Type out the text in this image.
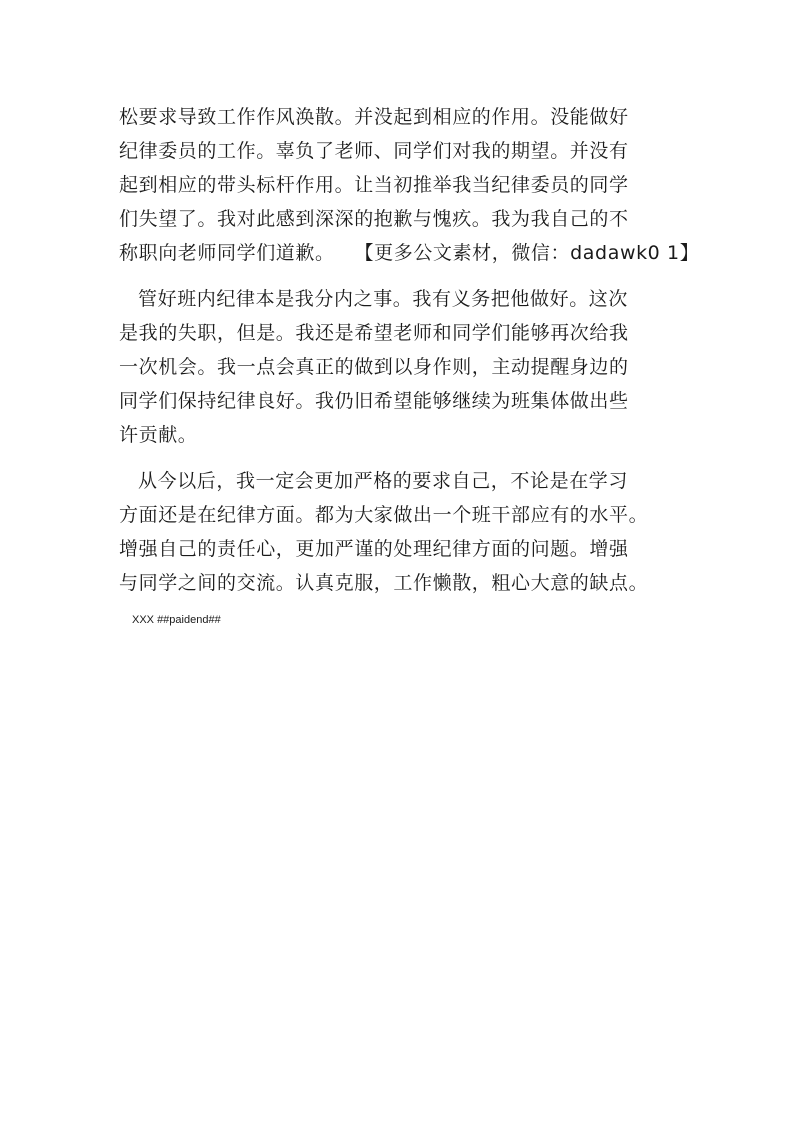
松要求导致工作作风涣散。并没起到相应的作用。没能做好
纪律委员的工作。辜负了老师、同学们对我的期望。并没有
起到相应的带头标杆作用。让当初推举我当纪律委员的同学
们失望了。我对此感到深深的抱歉与愧疚。我为我自己的不
称职向老师同学们道歉。 【更多公文素材，微信：dadawk0 1】
管好班内纪律本是我分内之事。我有义务把他做好。这次
是我的失职，但是。我还是希望老师和同学们能够再次给我
一次机会。我一点会真正的做到以身作则，主动提醒身边的
同学们保持纪律良好。我仍旧希望能够继续为班集体做出些
许贡献。
从今以后，我一定会更加严格的要求自己，不论是在学习
方面还是在纪律方面。都为大家做出一个班干部应有的水平。
增强自己的责任心，更加严谨的处理纪律方面的问题。增强
与同学之间的交流。认真克服，工作懒散，粗心大意的缺点。
XXX ##paidend##
